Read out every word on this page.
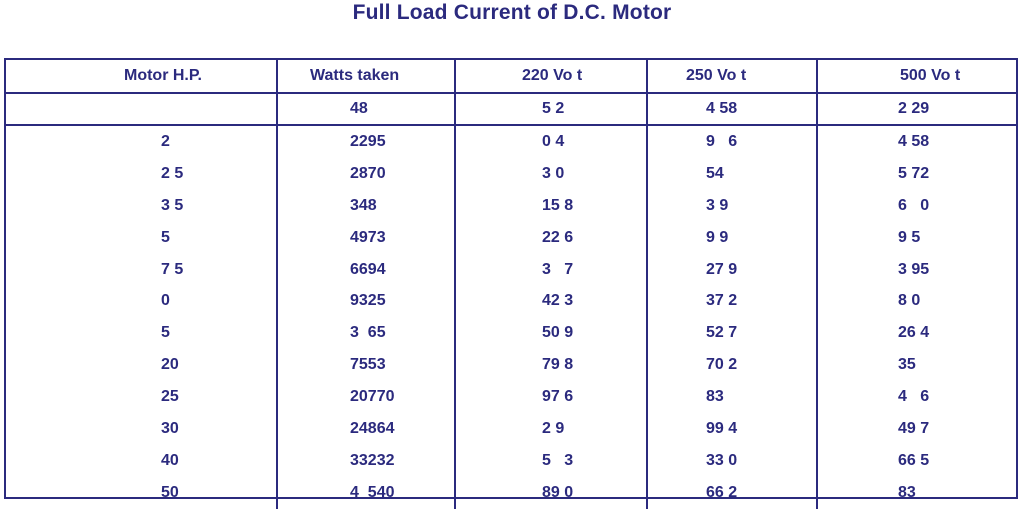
Full Load Current of D.C. Motor
Motor H.P.	Watts taken	220 Vo t	250 Vo t	500 Vo t
	48	5 2	4 58	2 29
2	2295	0 4	9   6	4 58
2 5	2870	3 0	54	5 72
3 5	348	15 8	3 9	6   0
5	4973	22 6	9 9	9 5
7 5	6694	3   7	27 9	3 95
0	9325	42 3	37 2	8 0
5	3  65	50 9	52 7	26 4
20	7553	79 8	70 2	35
25	20770	97 6	83	4   6
30	24864	2 9	99 4	49 7
40	33232	5   3	33 0	66 5
50	4  540	89 0	66 2	83
